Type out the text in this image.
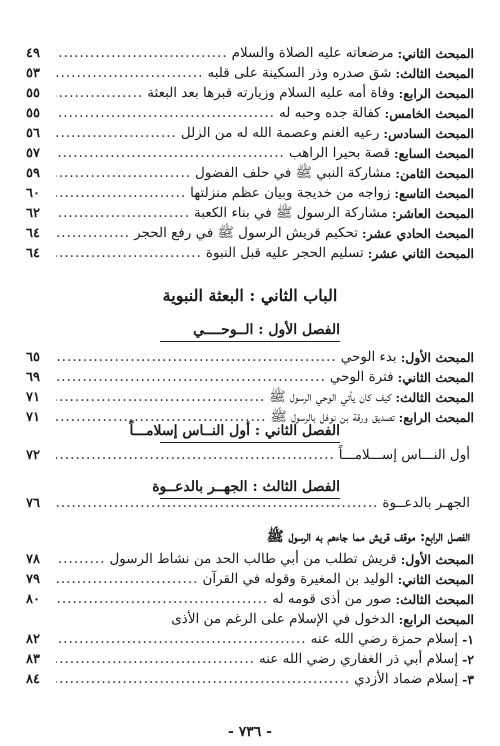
المبحث الثاني:
مرضعاته عليه الصلاة والسلام
.....
٤٩
المبحث الثالث:
شق صدره وذر السكينة على قلبه
.....
٥٣
المبحث الرابع:
وفاة أمه عليه السلام وزيارته قبرها بعد البعثة
.....
٥٥
المبحث الخامس:
كفالة جده وحبه له
.....
٥٥
المبحث السادس:
رعيه الغنم وعصمة الله له من الزلل
.....
٥٦
المبحث السابع:
قصة بحيرا الراهب
.....
٥٧
المبحث الثامن:
مشاركة النبي ﷺ في حلف الفضول
.....
٥٩
المبحث التاسع:
زواجه من خديجة وبيان عظم منزلتها
.....
٦٠
المبحث العاشر:
مشاركة الرسول ﷺ في بناء الكعبة
.....
٦٢
المبحث الحادي عشر:
تحكيم قريش الرسول ﷺ في رفع الحجر
.....
٦٤
المبحث الثاني عشر:
تسليم الحجر عليه قبل النبوة
.....
٦٤
الباب الثاني : البعثة النبوية
الفصل الأول : الــوحــــي
المبحث الأول:
بدء الوحي
.....
٦٥
المبحث الثاني:
فترة الوحي
.....
٦٩
المبحث الثالث:
كيف كان يأتي الوحي الرسول ﷺ
.....
٧١
المبحث الرابع:
تصديق ورقة بن نوفل بالرسول ﷺ
.....
٧١
الفصل الثاني : أول النــاس إسلامـــاً
أول النـــاس إســـلامـــاً
.....
٧٢
الفصل الثالث : الجهــر بالدعــوة
الجهـر بالدعــوة
.....
٧٦
الفصل الرابع: موقف قريش مما جاءهم به الرسول ﷺ
المبحث الأول:
قريش تطلب من أبي طالب الحد من نشاط الرسول
.....
٧٨
المبحث الثاني:
الوليد بن المغيرة وقوله في القرآن
.....
٧٩
المبحث الثالث:
صور من أذى قومه له
.....
٨٠
المبحث الرابع:
الدخول في الإسلام على الرغم من الأذى
١-
إسلام حمزة رضي الله عنه
.....
٨٢
٢-
إسلام أبي ذر الغفاري رضي الله عنه
.....
٨٣
٣-
إسلام ضماد الأزدي
.....
٨٤
- ٧٣٦ -
